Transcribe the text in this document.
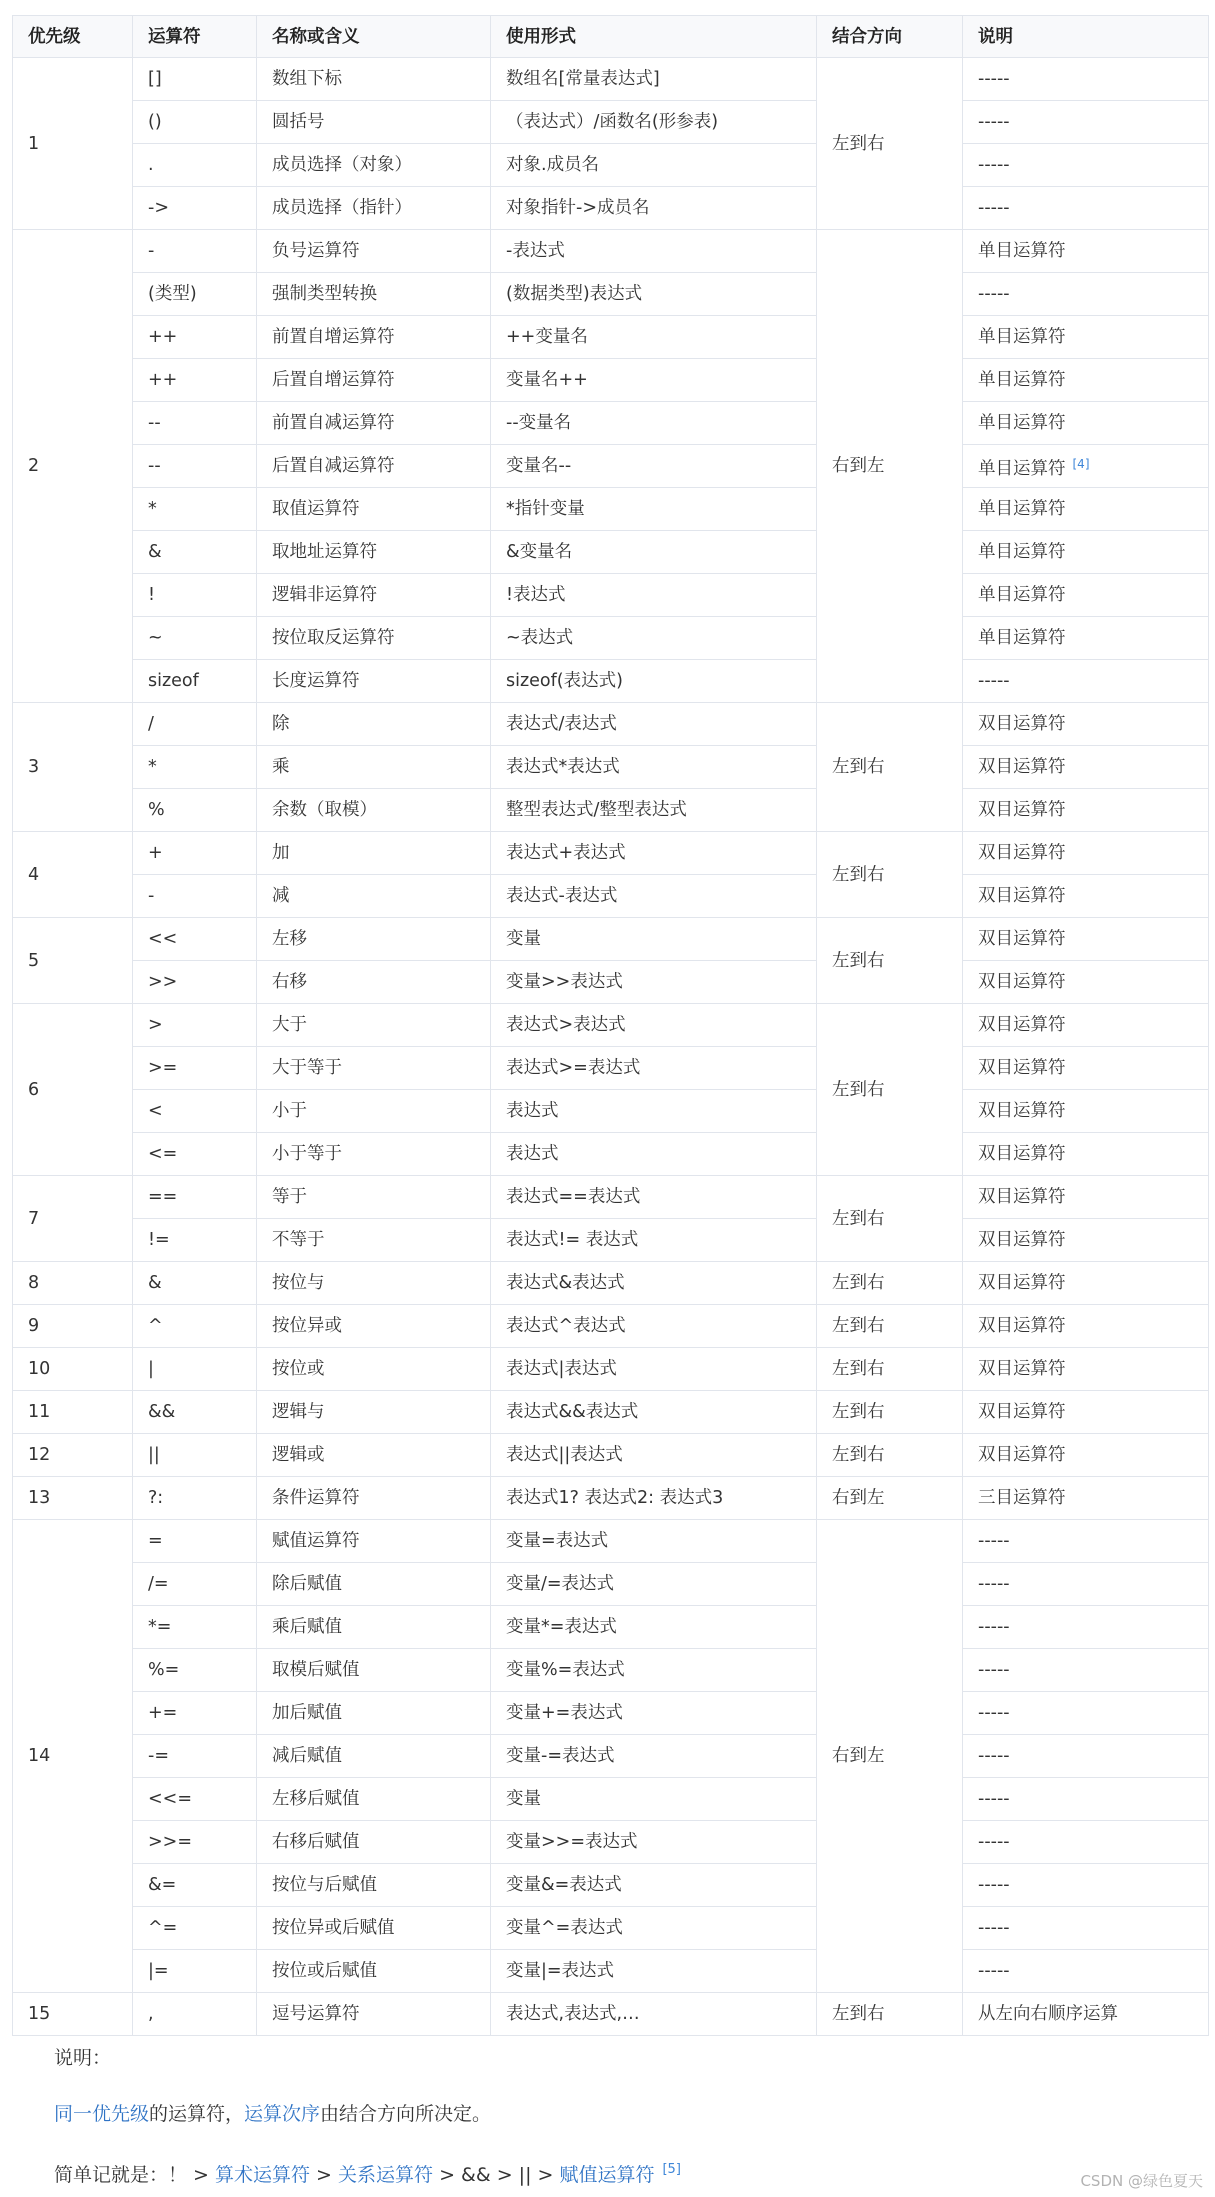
优先级	运算符	名称或含义	使用形式	结合方向	说明
1	[]	数组下标	数组名[常量表达式]	左到右	-----
	()	圆括号	（表达式）/函数名(形参表)		-----
	.	成员选择（对象）	对象.成员名		-----
	->	成员选择（指针）	对象指针->成员名		-----
2	-	负号运算符	-表达式	右到左	单目运算符
	(类型)	强制类型转换	(数据类型)表达式		-----
	++	前置自增运算符	++变量名		单目运算符
	++	后置自增运算符	变量名++		单目运算符
	--	前置自减运算符	--变量名		单目运算符
	--	后置自减运算符	变量名--		单目运算符 [4]
	*	取值运算符	*指针变量		单目运算符
	&	取地址运算符	&变量名		单目运算符
	!	逻辑非运算符	!表达式		单目运算符
	~	按位取反运算符	~表达式		单目运算符
	sizeof	长度运算符	sizeof(表达式)		-----
3	/	除	表达式/表达式	左到右	双目运算符
	*	乘	表达式*表达式		双目运算符
	%	余数（取模）	整型表达式/整型表达式		双目运算符
4	+	加	表达式+表达式	左到右	双目运算符
	-	减	表达式-表达式		双目运算符
5	<<	左移	变量	左到右	双目运算符
	>>	右移	变量>>表达式		双目运算符
6	>	大于	表达式>表达式	左到右	双目运算符
	>=	大于等于	表达式>=表达式		双目运算符
	<	小于	表达式		双目运算符
	<=	小于等于	表达式		双目运算符
7	==	等于	表达式==表达式	左到右	双目运算符
	!=	不等于	表达式!= 表达式		双目运算符
8	&	按位与	表达式&表达式	左到右	双目运算符
9	^	按位异或	表达式^表达式	左到右	双目运算符
10	|	按位或	表达式|表达式	左到右	双目运算符
11	&&	逻辑与	表达式&&表达式	左到右	双目运算符
12	||	逻辑或	表达式||表达式	左到右	双目运算符
13	?:	条件运算符	表达式1? 表达式2: 表达式3	右到左	三目运算符
14	=	赋值运算符	变量=表达式	右到左	-----
	/=	除后赋值	变量/=表达式		-----
	*=	乘后赋值	变量*=表达式		-----
	%=	取模后赋值	变量%=表达式		-----
	+=	加后赋值	变量+=表达式		-----
	-=	减后赋值	变量-=表达式		-----
	<<=	左移后赋值	变量		-----
	>>=	右移后赋值	变量>>=表达式		-----
	&=	按位与后赋值	变量&=表达式		-----
	^=	按位异或后赋值	变量^=表达式		-----
	|=	按位或后赋值	变量|=表达式		-----
15	,	逗号运算符	表达式,表达式,…	左到右	从左向右顺序运算

说明：

同一优先级的运算符，运算次序由结合方向所决定。

简单记就是：！ > 算术运算符 > 关系运算符 > && > || > 赋值运算符 [5]

CSDN @绿色夏天
